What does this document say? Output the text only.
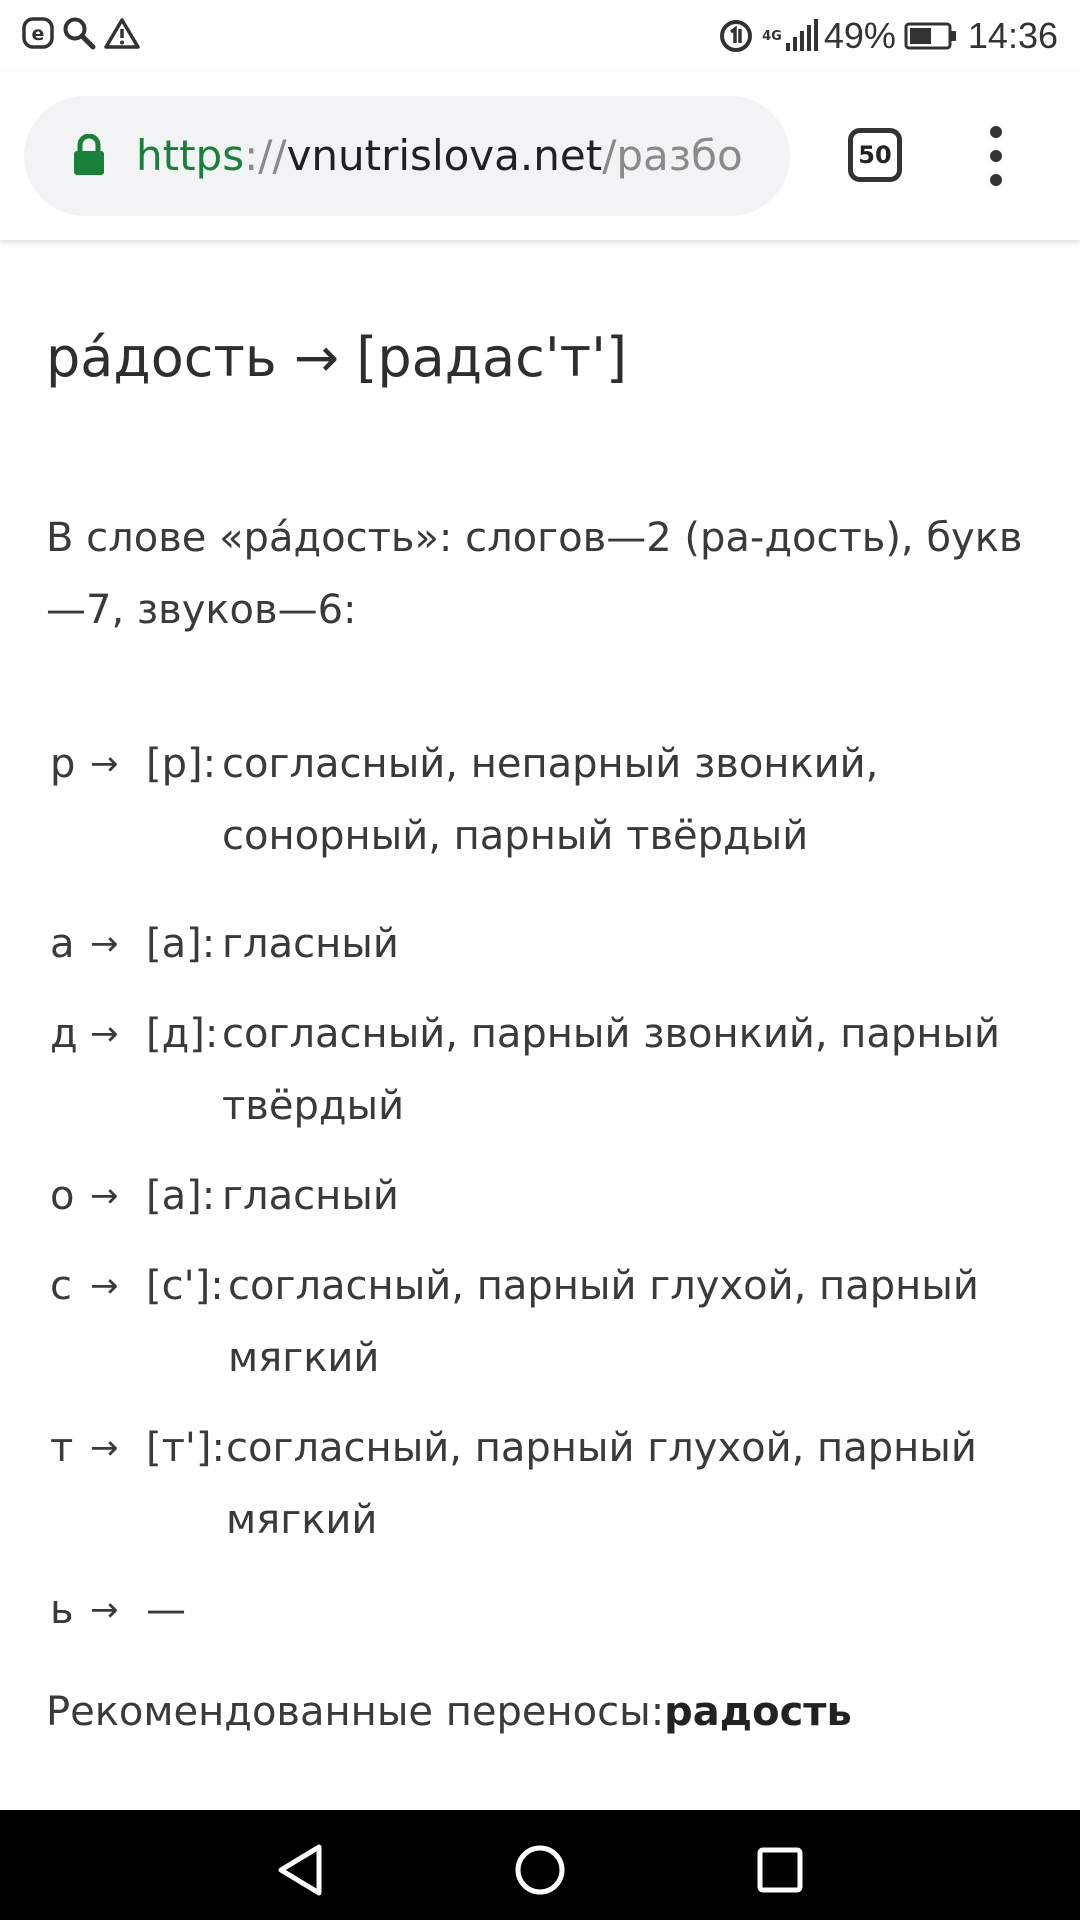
e	4G 49% 14:36
https://vnutrislova.net/разбо	50
ра́дость → [радас'т']
В слове «ра́дость»: слогов—2 (ра-дость), букв—7, звуков—6:
р → [р]: согласный, непарный звонкий, сонорный, парный твёрдый
а → [а]: гласный
д → [д]: согласный, парный звонкий, парный твёрдый
о → [а]: гласный
с → [с']: согласный, парный глухой, парный мягкий
т → [т']: согласный, парный глухой, парный мягкий
ь → —
Рекомендованные переносы:радость
